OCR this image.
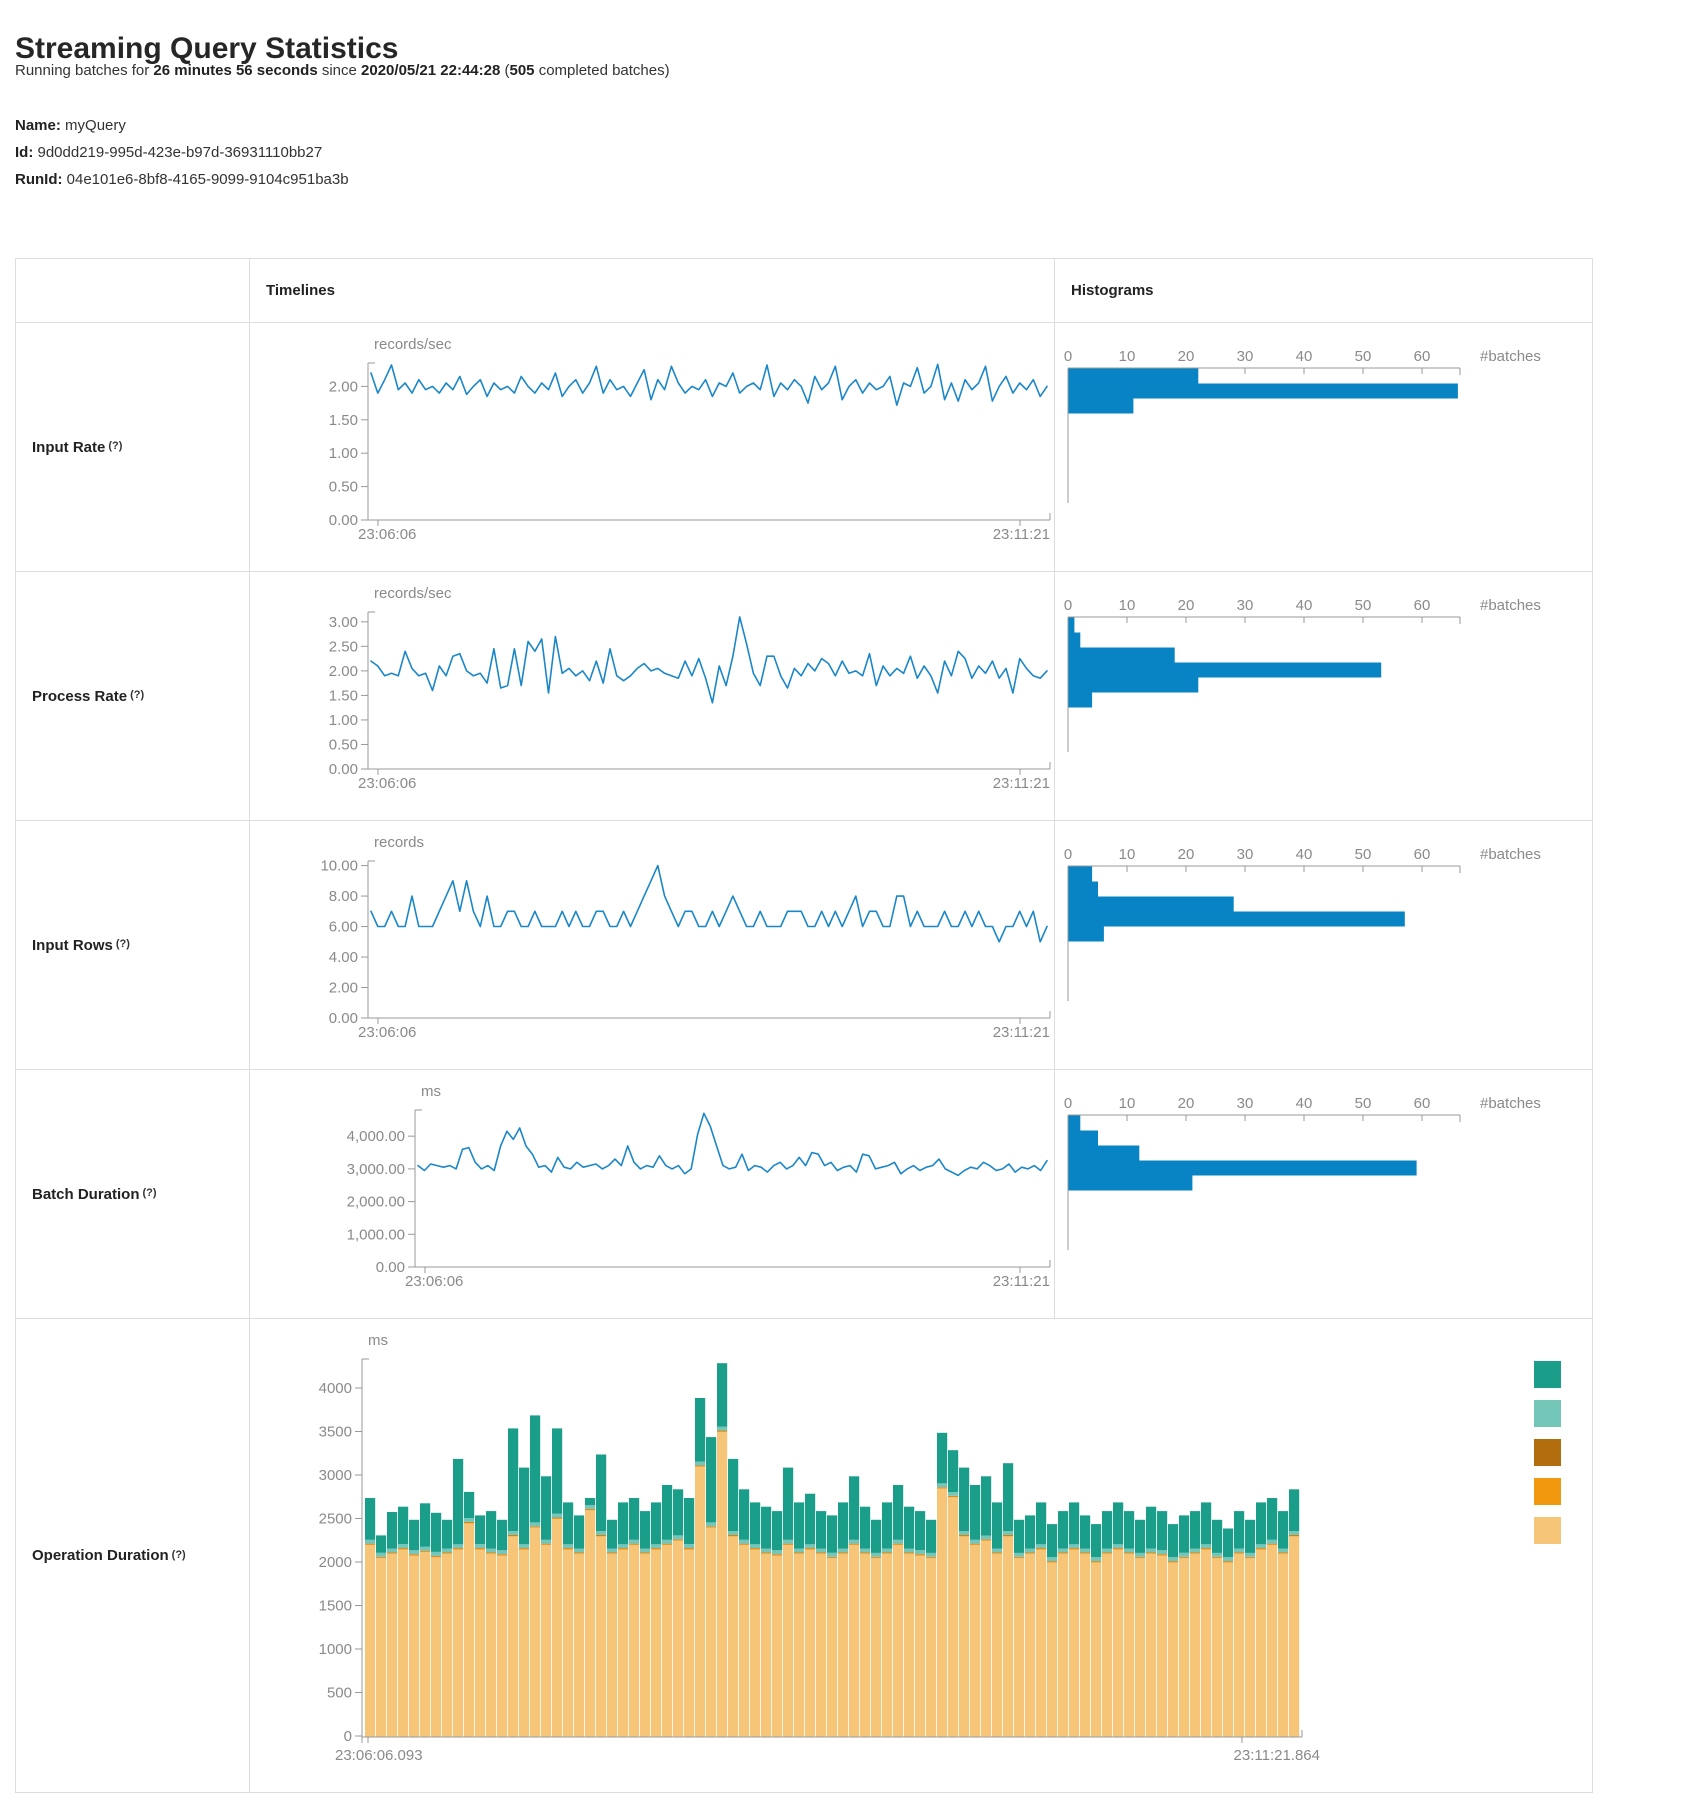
Streaming Query Statistics
Running batches for 26 minutes 56 seconds since 2020/05/21 22:44:28 (505 completed batches)
Name: myQuery
Id: 9d0dd219-995d-423e-b97d-36931110bb27
RunId: 04e101e6-8bf8-4165-9099-9104c951ba3b
Timelines	Histograms
Input Rate (?)
records/sec
0.00
0.50
1.00
1.50
2.00
23:06:06	23:11:21
0	10	20	30	40	50	60	#batches
Process Rate (?)
records/sec
0.00
0.50
1.00
1.50
2.00
2.50
3.00
23:06:06	23:11:21
0	10	20	30	40	50	60	#batches
Input Rows (?)
records
0.00
2.00
4.00
6.00
8.00
10.00
23:06:06	23:11:21
0	10	20	30	40	50	60	#batches
Batch Duration (?)
ms
0.00
1,000.00
2,000.00
3,000.00
4,000.00
23:06:06	23:11:21
0	10	20	30	40	50	60	#batches
Operation Duration (?)
ms
0
500
1000
1500
2000
2500
3000
3500
4000
23:06:06.093	23:11:21.864
